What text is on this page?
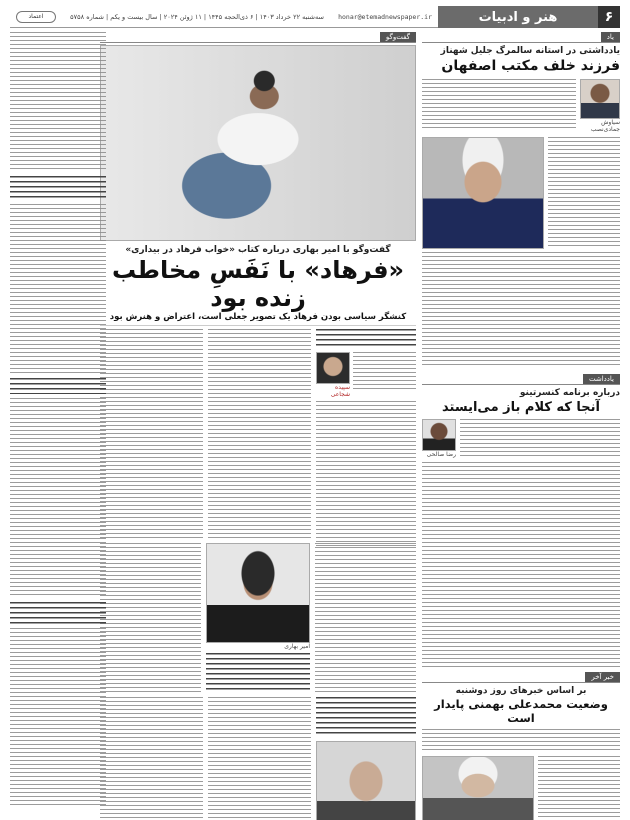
۶
هنر و ادبیات
honar@etemadnewspaper.ir
سه‌شنبه ۲۲ خرداد ۱۴۰۳ | ۶ ذی‌الحجه ۱۴۴۵ | ۱۱ ژوئن ۲۰۲۴ | سال بیست و یکم | شماره ۵۷۵۸
اعتماد
یاد
یادداشتی در استانه سالمرگ جلیل شهناز
فرزند خلف مکتب اصفهان
سیاوش جمادی‌نصب
یادداشت
درباره برنامه کنسرتینو
آنجا که کلام باز می‌ایستد
رضا صالحی
خبر آخر
بر اساس خبرهای روز دوشنبه
وضعیت محمدعلی بهمنی پایدار است
گفت‌وگو
گفت‌وگو با امیر بهاری درباره کتاب «خواب فرهاد در بیداری»
«فرهاد» با نَفَسِ مخاطب زنده بود
کنشگر سیاسی بودن فرهاد یک تصویر جعلی است، اعتراض و هنرش بود
سپیده شجاعی
امیر بهاری
